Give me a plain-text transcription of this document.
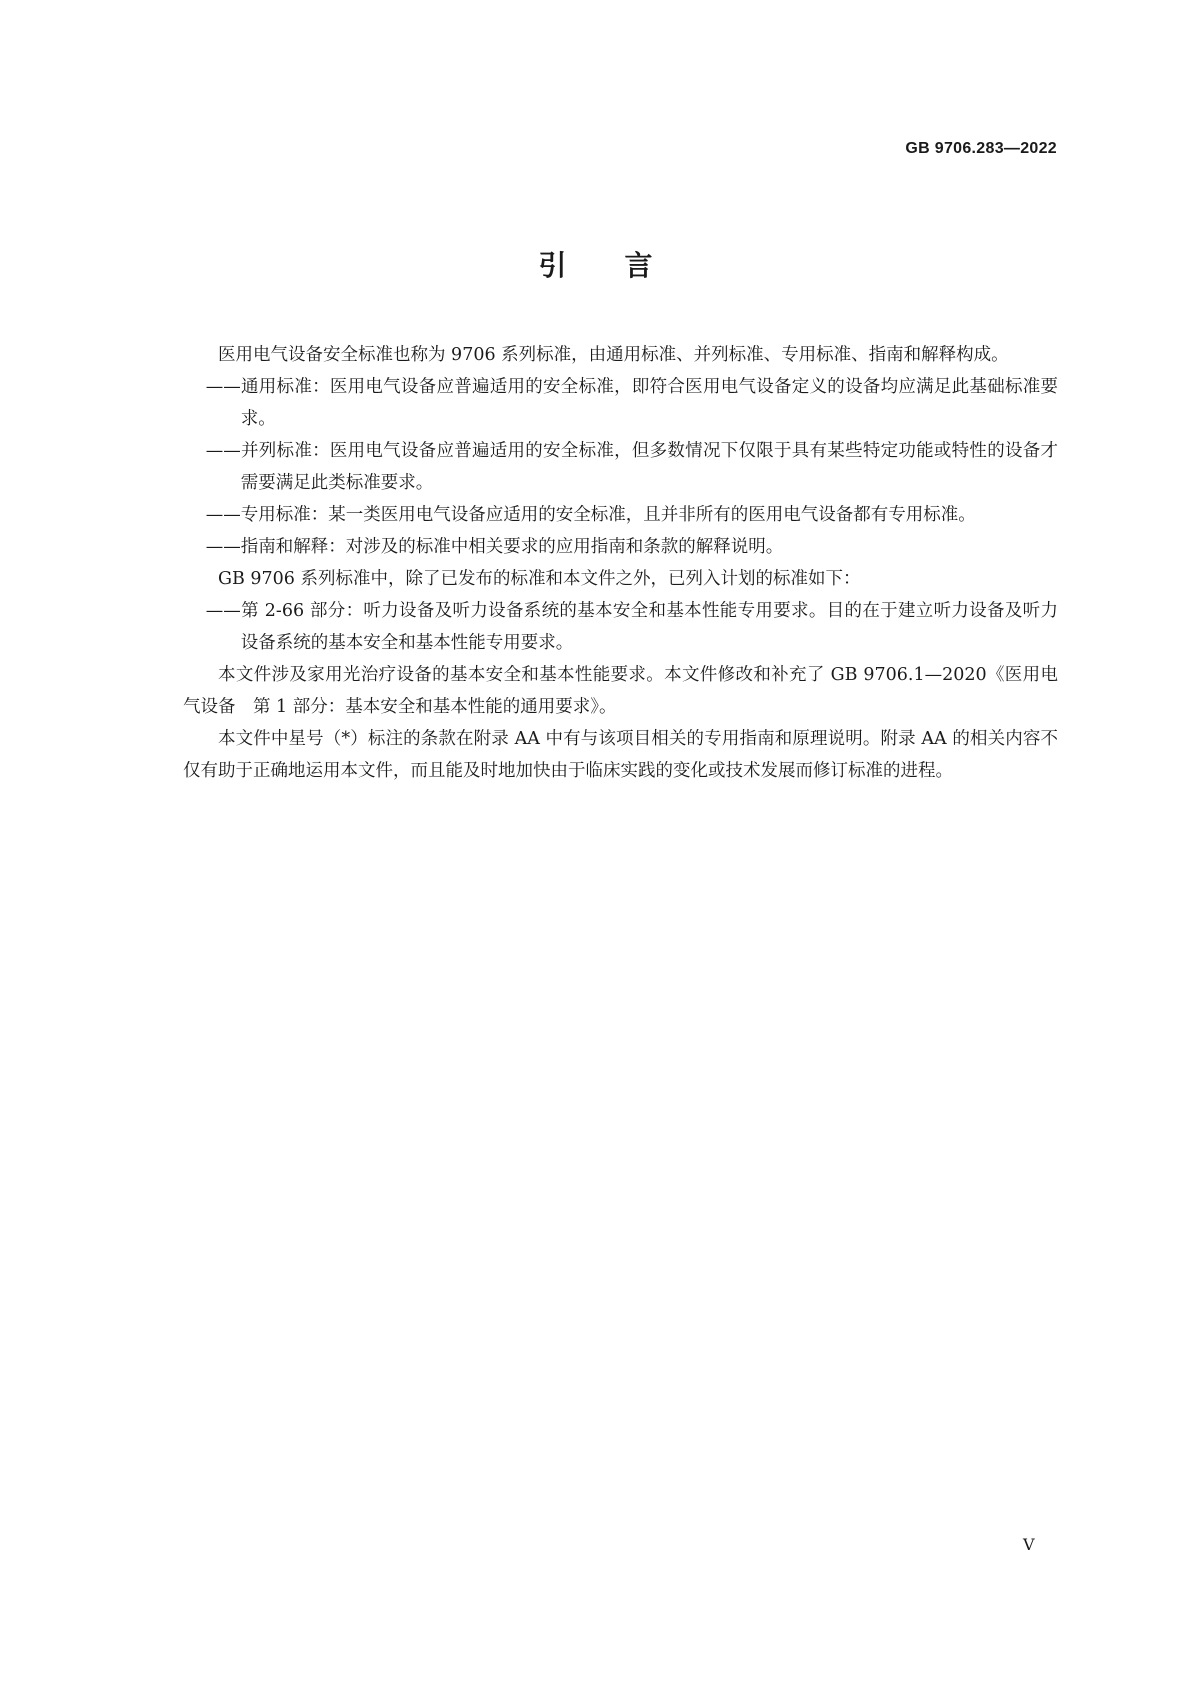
GB 9706.283—2022

引言

医用电气设备安全标准也称为 9706 系列标准，由通用标准、并列标准、专用标准、指南和解释构成。

——通用标准：医用电气设备应普遍适用的安全标准，即符合医用电气设备定义的设备均应满足此基础标准要求。

——并列标准：医用电气设备应普遍适用的安全标准，但多数情况下仅限于具有某些特定功能或特性的设备才需要满足此类标准要求。

——专用标准：某一类医用电气设备应适用的安全标准，且并非所有的医用电气设备都有专用标准。

——指南和解释：对涉及的标准中相关要求的应用指南和条款的解释说明。

GB 9706 系列标准中，除了已发布的标准和本文件之外，已列入计划的标准如下：

——第 2-66 部分：听力设备及听力设备系统的基本安全和基本性能专用要求。目的在于建立听力设备及听力设备系统的基本安全和基本性能专用要求。

本文件涉及家用光治疗设备的基本安全和基本性能要求。本文件修改和补充了 GB 9706.1—2020《医用电气设备　第 1 部分：基本安全和基本性能的通用要求》。

本文件中星号（*）标注的条款在附录 AA 中有与该项目相关的专用指南和原理说明。附录 AA 的相关内容不仅有助于正确地运用本文件，而且能及时地加快由于临床实践的变化或技术发展而修订标准的进程。

V
